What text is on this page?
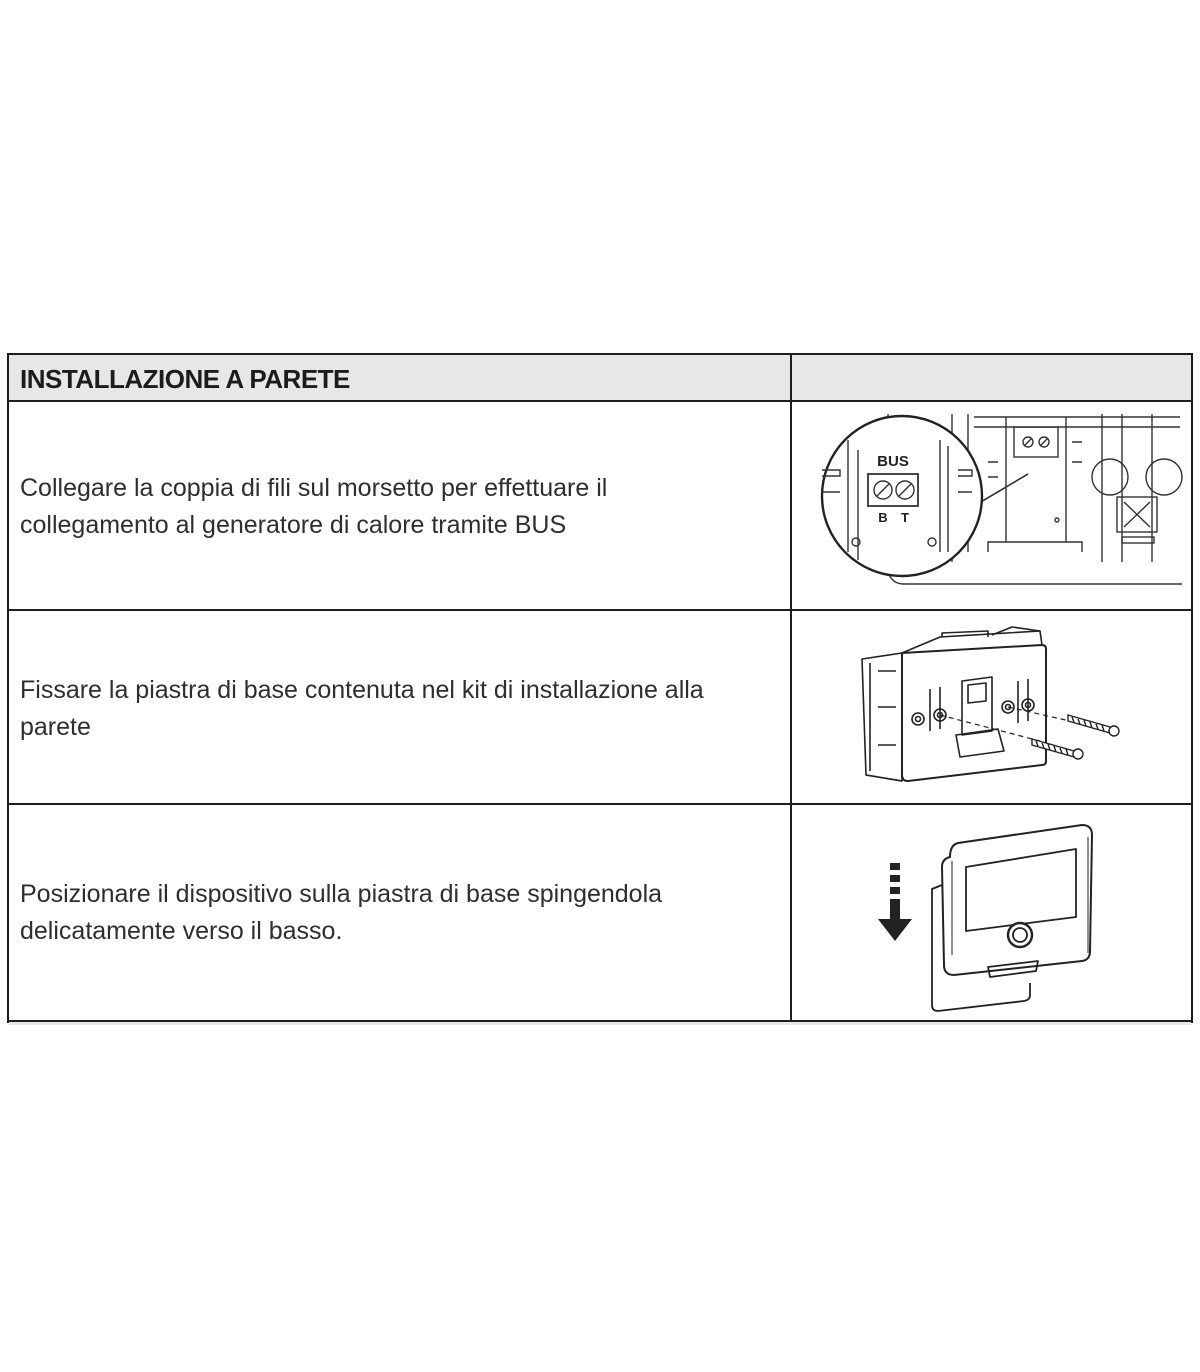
INSTALLAZIONE A PARETE
Collegare la coppia di fili sul morsetto per effettuare il collegamento al generatore di calore tramite BUS
BUS
B T
Fissare la piastra di base contenuta nel kit di installazione alla parete
Posizionare il dispositivo sulla piastra di base spingendola delicatamente verso il basso.
